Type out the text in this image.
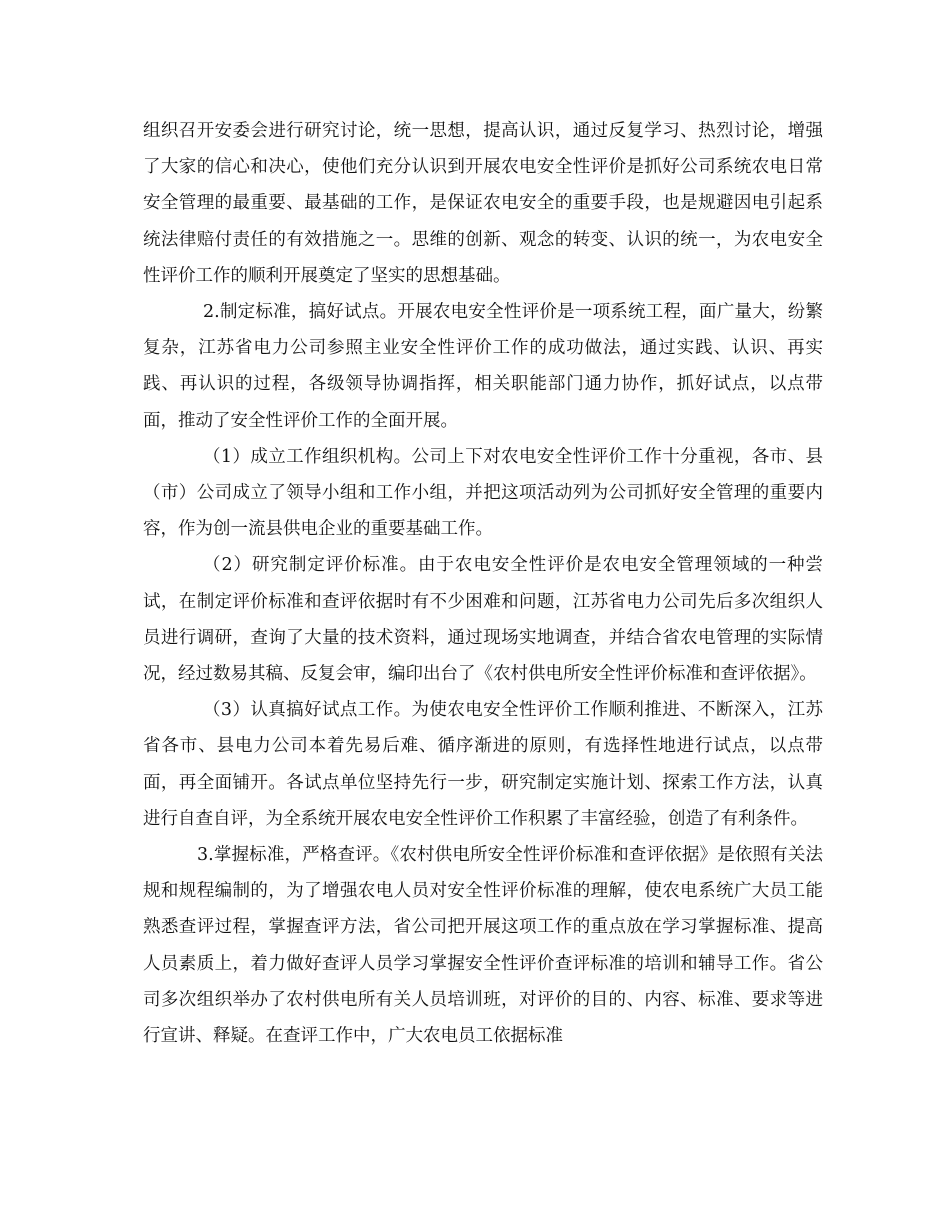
组织召开安委会进行研究讨论，统一思想，提高认识，通过反复学习、热烈讨论，增强了大家的信心和决心，使他们充分认识到开展农电安全性评价是抓好公司系统农电日常安全管理的最重要、最基础的工作，是保证农电安全的重要手段，也是规避因电引起系统法律赔付责任的有效措施之一。思维的创新、观念的转变、认识的统一，为农电安全性评价工作的顺利开展奠定了坚实的思想基础。

2.制定标准，搞好试点。开展农电安全性评价是一项系统工程，面广量大，纷繁复杂，江苏省电力公司参照主业安全性评价工作的成功做法，通过实践、认识、再实践、再认识的过程，各级领导协调指挥，相关职能部门通力协作，抓好试点，以点带面，推动了安全性评价工作的全面开展。

（1）成立工作组织机构。公司上下对农电安全性评价工作十分重视，各市、县（市）公司成立了领导小组和工作小组，并把这项活动列为公司抓好安全管理的重要内容，作为创一流县供电企业的重要基础工作。

（2）研究制定评价标准。由于农电安全性评价是农电安全管理领域的一种尝试，在制定评价标准和查评依据时有不少困难和问题，江苏省电力公司先后多次组织人员进行调研，查询了大量的技术资料，通过现场实地调查，并结合省农电管理的实际情况，经过数易其稿、反复会审，编印出台了《农村供电所安全性评价标准和查评依据》。

（3）认真搞好试点工作。为使农电安全性评价工作顺利推进、不断深入，江苏省各市、县电力公司本着先易后难、循序渐进的原则，有选择性地进行试点，以点带面，再全面铺开。各试点单位坚持先行一步，研究制定实施计划、探索工作方法，认真进行自查自评，为全系统开展农电安全性评价工作积累了丰富经验，创造了有利条件。

3.掌握标准，严格查评。《农村供电所安全性评价标准和查评依据》是依照有关法规和规程编制的，为了增强农电人员对安全性评价标准的理解，使农电系统广大员工能熟悉查评过程，掌握查评方法，省公司把开展这项工作的重点放在学习掌握标准、提高人员素质上，着力做好查评人员学习掌握安全性评价查评标准的培训和辅导工作。省公司多次组织举办了农村供电所有关人员培训班，对评价的目的、内容、标准、要求等进行宣讲、释疑。在查评工作中，广大农电员工依据标准
